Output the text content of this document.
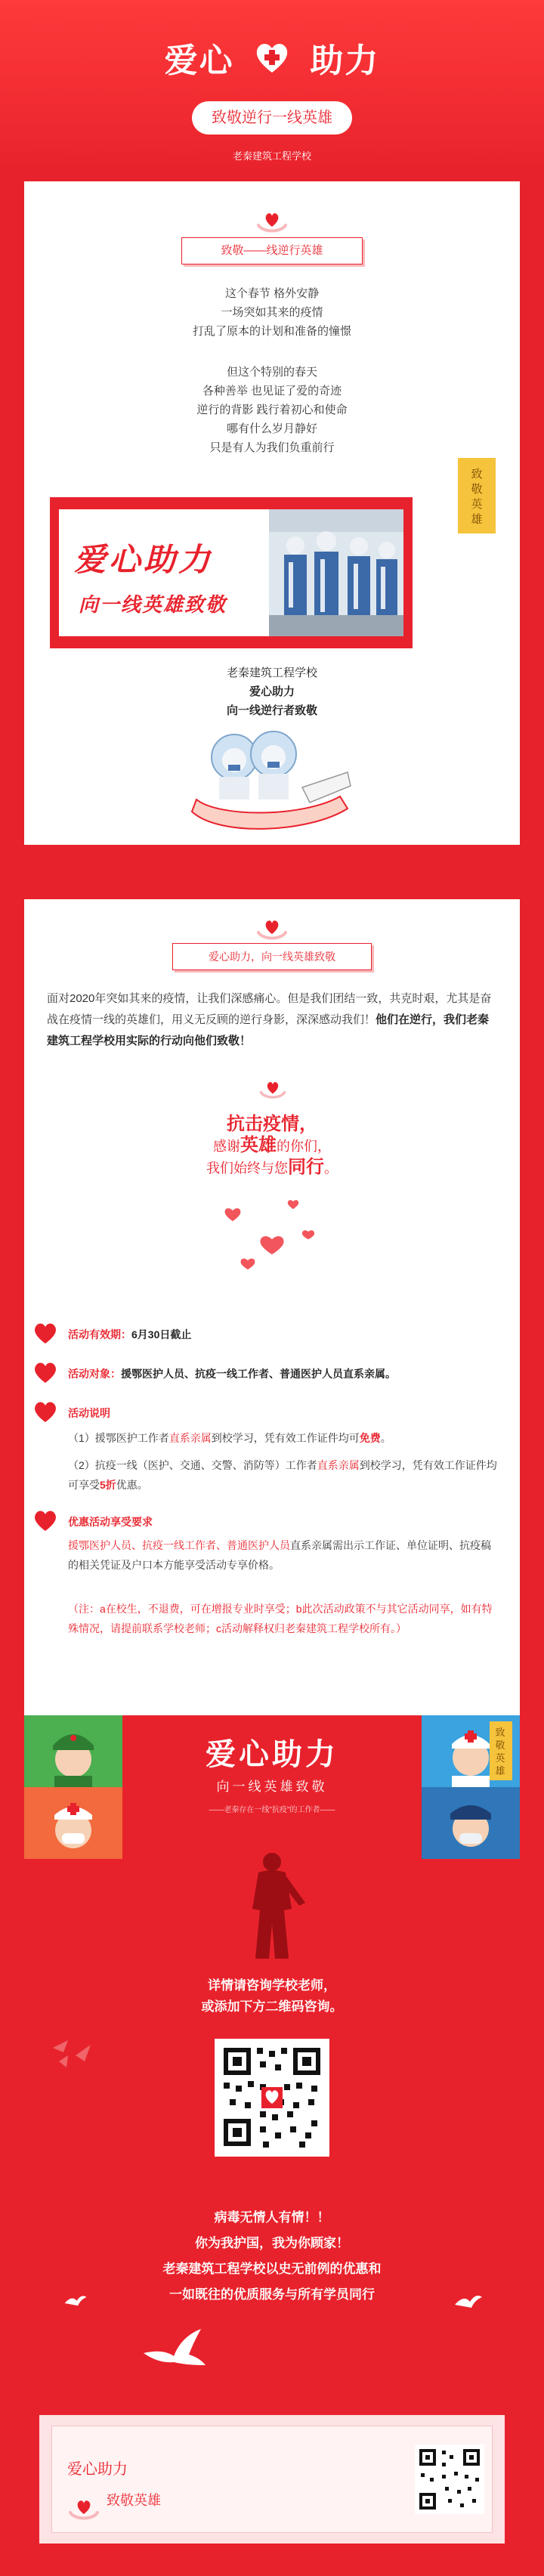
爱心 助力
致敬逆行一线英雄
老秦建筑工程学校
致敬——线逆行英雄
这个春节 格外安静
一场突如其来的疫情
打乱了原本的计划和准备的憧憬
但这个特别的春天
各种善举 也见证了爱的奇迹
逆行的背影 践行着初心和使命
哪有什么岁月静好
只是有人为我们负重前行
致敬英雄
爱心助力
向一线英雄致敬
老秦建筑工程学校
爱心助力
向一线逆行者致敬
爱心助力，向一线英雄致敬
面对2020年突如其来的疫情，让我们深感痛心。但是我们团结一致，共克时艰，尤其是奋战在疫情一线的英雄们，用义无反顾的逆行身影，深深感动我们！他们在逆行，我们老秦建筑工程学校用实际的行动向他们致敬！
抗击疫情，
感谢英雄的你们，
我们始终与您同行。
活动有效期：6月30日截止
活动对象：援鄂医护人员、抗疫一线工作者、普通医护人员直系亲属。
活动说明
（1）援鄂医护工作者直系亲属到校学习，凭有效工作证件均可免费。
（2）抗疫一线（医护、交通、交警、消防等）工作者直系亲属到校学习，凭有效工作证件均可享受5折优惠。
优惠活动享受要求
援鄂医护人员、抗疫一线工作者、普通医护人员直系亲属需出示工作证、单位证明、抗疫稿的相关凭证及户口本方能享受活动专享价格。
（注：a在校生，不退费，可在增报专业时享受；b此次活动政策不与其它活动同享，如有特殊情况，请提前联系学校老师；c活动解释权归老秦建筑工程学校所有。）
爱心助力
向一线英雄致敬
——老秦存在一线"抗疫"的工作者——
致敬英雄
详情请咨询学校老师，
或添加下方二维码咨询。
病毒无情人有情！！
你为我护国，我为你顾家！
老秦建筑工程学校以史无前例的优惠和
一如既往的优质服务与所有学员同行
爱心助力
致敬英雄
